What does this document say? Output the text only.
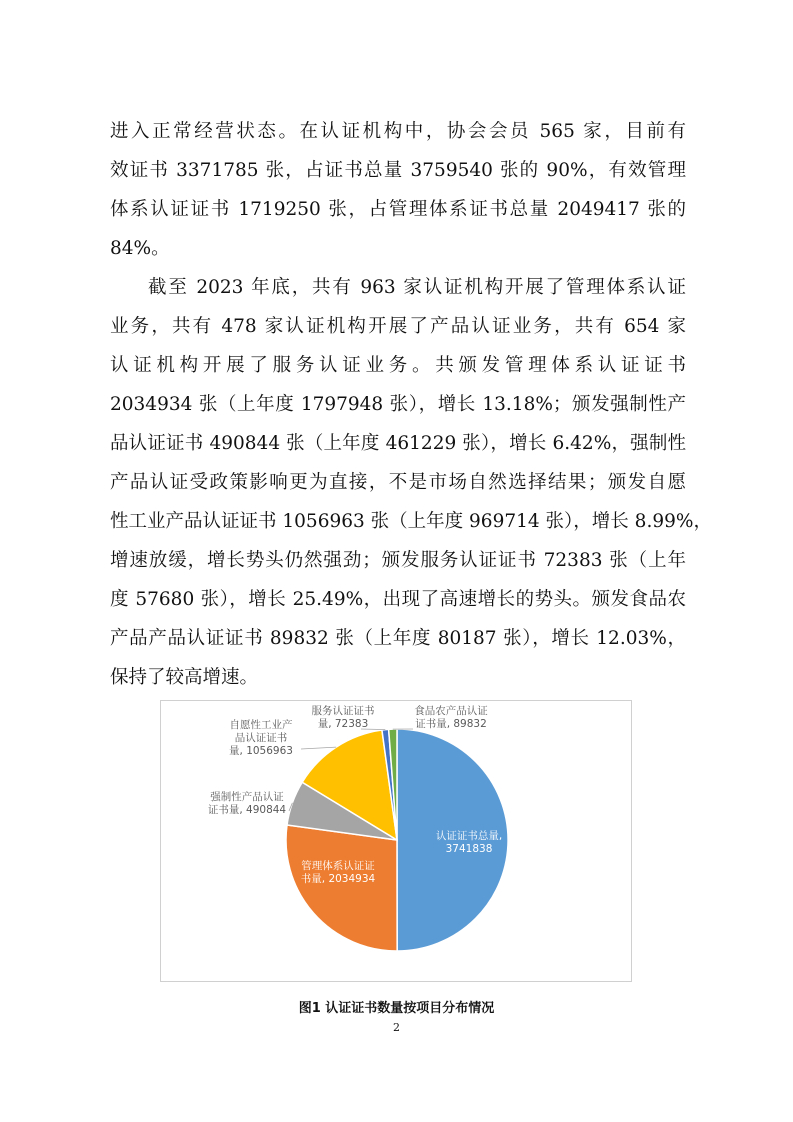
进入正常经营状态。在认证机构中，协会会员 565 家，目前有
效证书 3371785 张，占证书总量 3759540 张的 90%，有效管理
体系认证证书 1719250 张，占管理体系证书总量 2049417 张的
84%。
截至 2023 年底，共有 963 家认证机构开展了管理体系认证
业务，共有 478 家认证机构开展了产品认证业务，共有 654 家
认证机构开展了服务认证业务。共颁发管理体系认证证书
2034934 张（上年度 1797948 张），增长 13.18%；颁发强制性产
品认证证书 490844 张（上年度 461229 张），增长 6.42%，强制性
产品认证受政策影响更为直接，不是市场自然选择结果；颁发自愿
性工业产品认证证书 1056963 张（上年度 969714 张），增长 8.99%，
增速放缓，增长势头仍然强劲；颁发服务认证证书 72383 张（上年
度 57680 张），增长 25.49%，出现了高速增长的势头。颁发食品农
产品产品认证证书 89832 张（上年度 80187 张），增长 12.03%，
保持了较高增速。
认证证书总量,
3741838
管理体系认证证
书量, 2034934
强制性产品认证
证书量, 490844
自愿性工业产
品认证证书
量, 1056963
服务认证证书
量, 72383
食品农产品认证
证书量, 89832
图1 认证证书数量按项目分布情况
2
